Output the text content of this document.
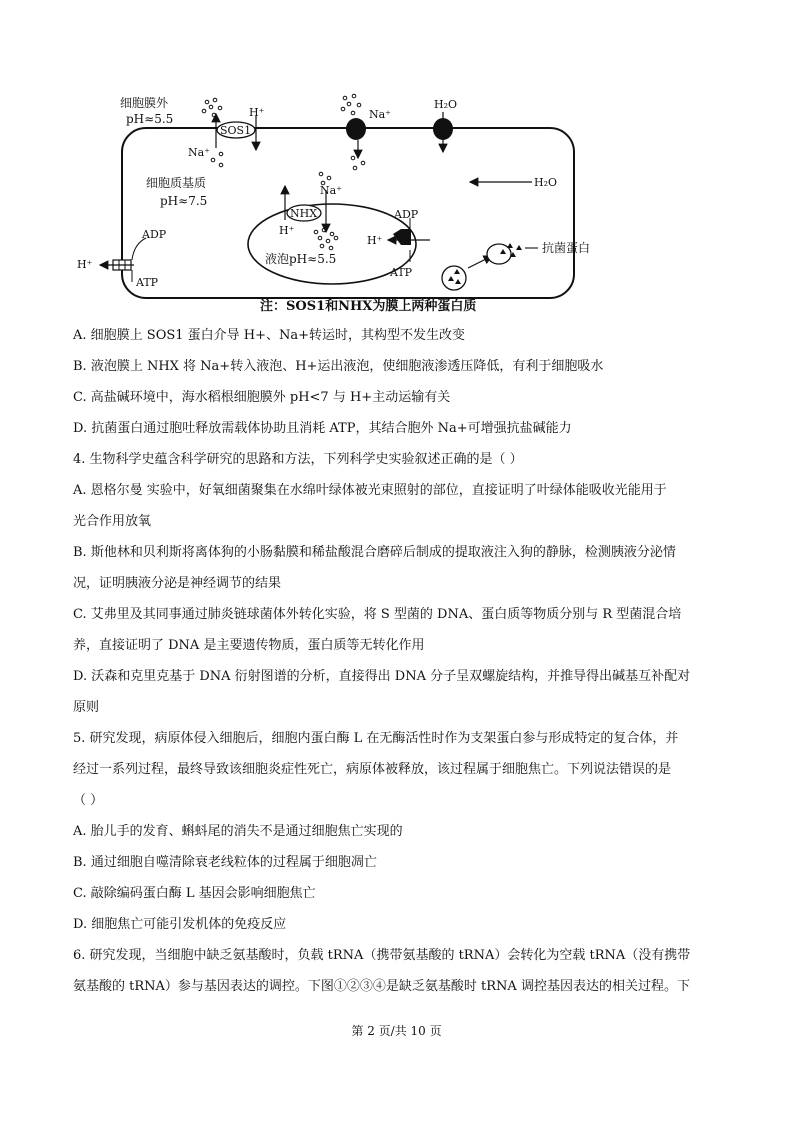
细胞膜外
pH≈5.5
SOS1
H⁺
Na⁺
Na⁺
H₂O
H₂O
细胞质基质
pH≈7.5
NHX
H⁺
Na⁺
液泡pH≈5.5
ADP
H⁺
ATP
ADP
H⁺
ATP
抗菌蛋白
注：SOS1和NHX为膜上两种蛋白质
A. 细胞膜上 SOS1 蛋白介导 H+、Na+转运时，其构型不发生改变
B. 液泡膜上 NHX 将 Na+转入液泡、H+运出液泡，使细胞液渗透压降低，有利于细胞吸水
C. 高盐碱环境中，海水稻根细胞膜外 pH<7 与 H+主动运输有关
D. 抗菌蛋白通过胞吐释放需载体协助且消耗 ATP，其结合胞外 Na+可增强抗盐碱能力
4. 生物科学史蕴含科学研究的思路和方法，下列科学史实验叙述正确的是（ ）
A. 恩格尔曼 实验中，好氧细菌聚集在水绵叶绿体被光束照射的部位，直接证明了叶绿体能吸收光能用于
光合作用放氧
B. 斯他林和贝利斯将离体狗的小肠黏膜和稀盐酸混合磨碎后制成的提取液注入狗的静脉，检测胰液分泌情
况，证明胰液分泌是神经调节的结果
C. 艾弗里及其同事通过肺炎链球菌体外转化实验，将 S 型菌的 DNA、蛋白质等物质分别与 R 型菌混合培
养，直接证明了 DNA 是主要遗传物质，蛋白质等无转化作用
D. 沃森和克里克基于 DNA 衍射图谱的分析，直接得出 DNA 分子呈双螺旋结构，并推导得出碱基互补配对
原则
5. 研究发现，病原体侵入细胞后，细胞内蛋白酶 L 在无酶活性时作为支架蛋白参与形成特定的复合体，并
经过一系列过程，最终导致该细胞炎症性死亡，病原体被释放，该过程属于细胞焦亡。下列说法错误的是
（ ）
A. 胎儿手的发育、蝌蚪尾的消失不是通过细胞焦亡实现的
B. 通过细胞自噬清除衰老线粒体的过程属于细胞凋亡
C. 敲除编码蛋白酶 L 基因会影响细胞焦亡
D. 细胞焦亡可能引发机体的免疫反应
6. 研究发现，当细胞中缺乏氨基酸时，负载 tRNA（携带氨基酸的 tRNA）会转化为空载 tRNA（没有携带
氨基酸的 tRNA）参与基因表达的调控。下图①②③④是缺乏氨基酸时 tRNA 调控基因表达的相关过程。下
第 2 页/共 10 页
